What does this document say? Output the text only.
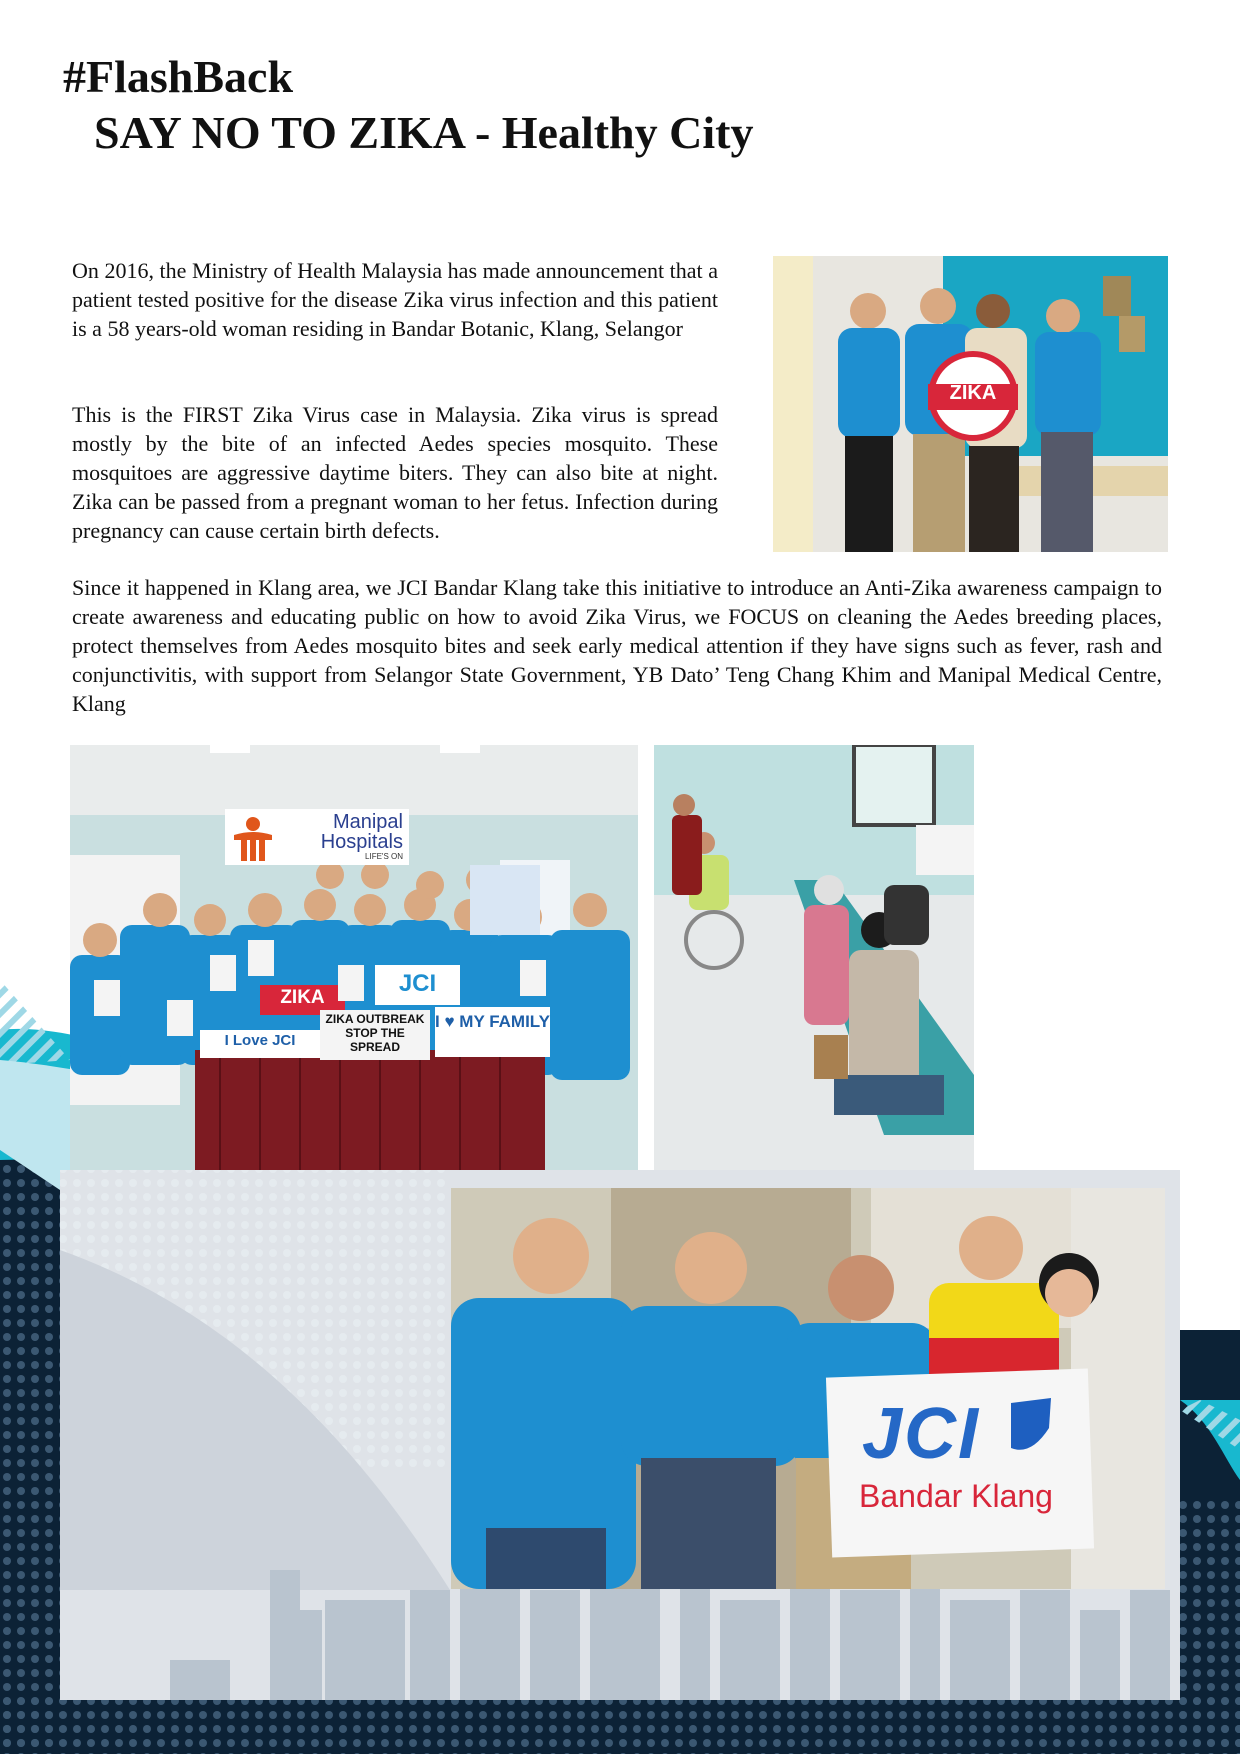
#FlashBack
SAY NO TO ZIKA - Healthy City

On 2016, the Ministry of Health Malaysia has made announcement that a patient tested positive for the disease Zika virus infection and this patient is a 58 years-old woman residing in Bandar Botanic, Klang, Selangor

This is the FIRST Zika Virus case in Malaysia. Zika virus is spread mostly by the bite of an infected Aedes species mosquito. These mosquitoes are aggressive daytime biters. They can also bite at night. Zika can be passed from a pregnant woman to her fetus. Infection during pregnancy can cause certain birth defects.

Since it happened in Klang area, we JCI Bandar Klang take this initiative to introduce an Anti-Zika awareness campaign to create awareness and educating public on how to avoid Zika Virus, we FOCUS on cleaning the Aedes breeding places, protect themselves from Aedes mosquito bites and seek early medical attention if they have signs such as fever, rash and conjunctivitis, with support from Selangor State Government, YB Dato’ Teng Chang Khim and Manipal Medical Centre, Klang

ZIKA
Manipal
Hospitals
LIFE'S ON
ZIKA
JCI
I Love JCI
ZIKA OUTBREAK STOP THE SPREAD
I ♥ MY FAMILY
JCI
Bandar Klang
